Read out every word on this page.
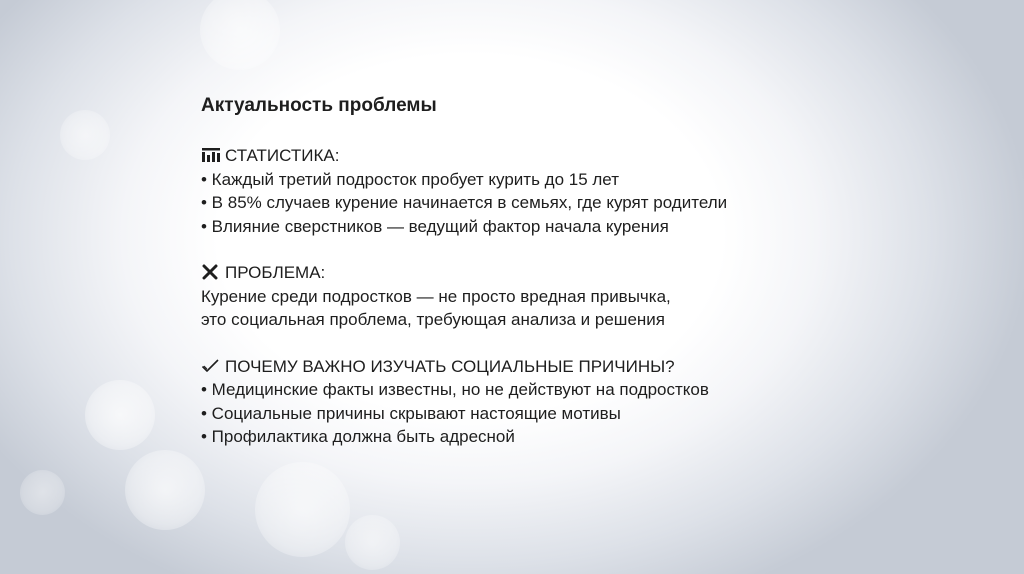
Актуальность проблемы
СТАТИСТИКА:
• Каждый третий подросток пробует курить до 15 лет
• В 85% случаев курение начинается в семьях, где курят родители
• Влияние сверстников — ведущий фактор начала курения
ПРОБЛЕМА:
Курение среди подростков — не просто вредная привычка,
это социальная проблема, требующая анализа и решения
ПОЧЕМУ ВАЖНО ИЗУЧАТЬ СОЦИАЛЬНЫЕ ПРИЧИНЫ?
• Медицинские факты известны, но не действуют на подростков
• Социальные причины скрывают настоящие мотивы
• Профилактика должна быть адресной
